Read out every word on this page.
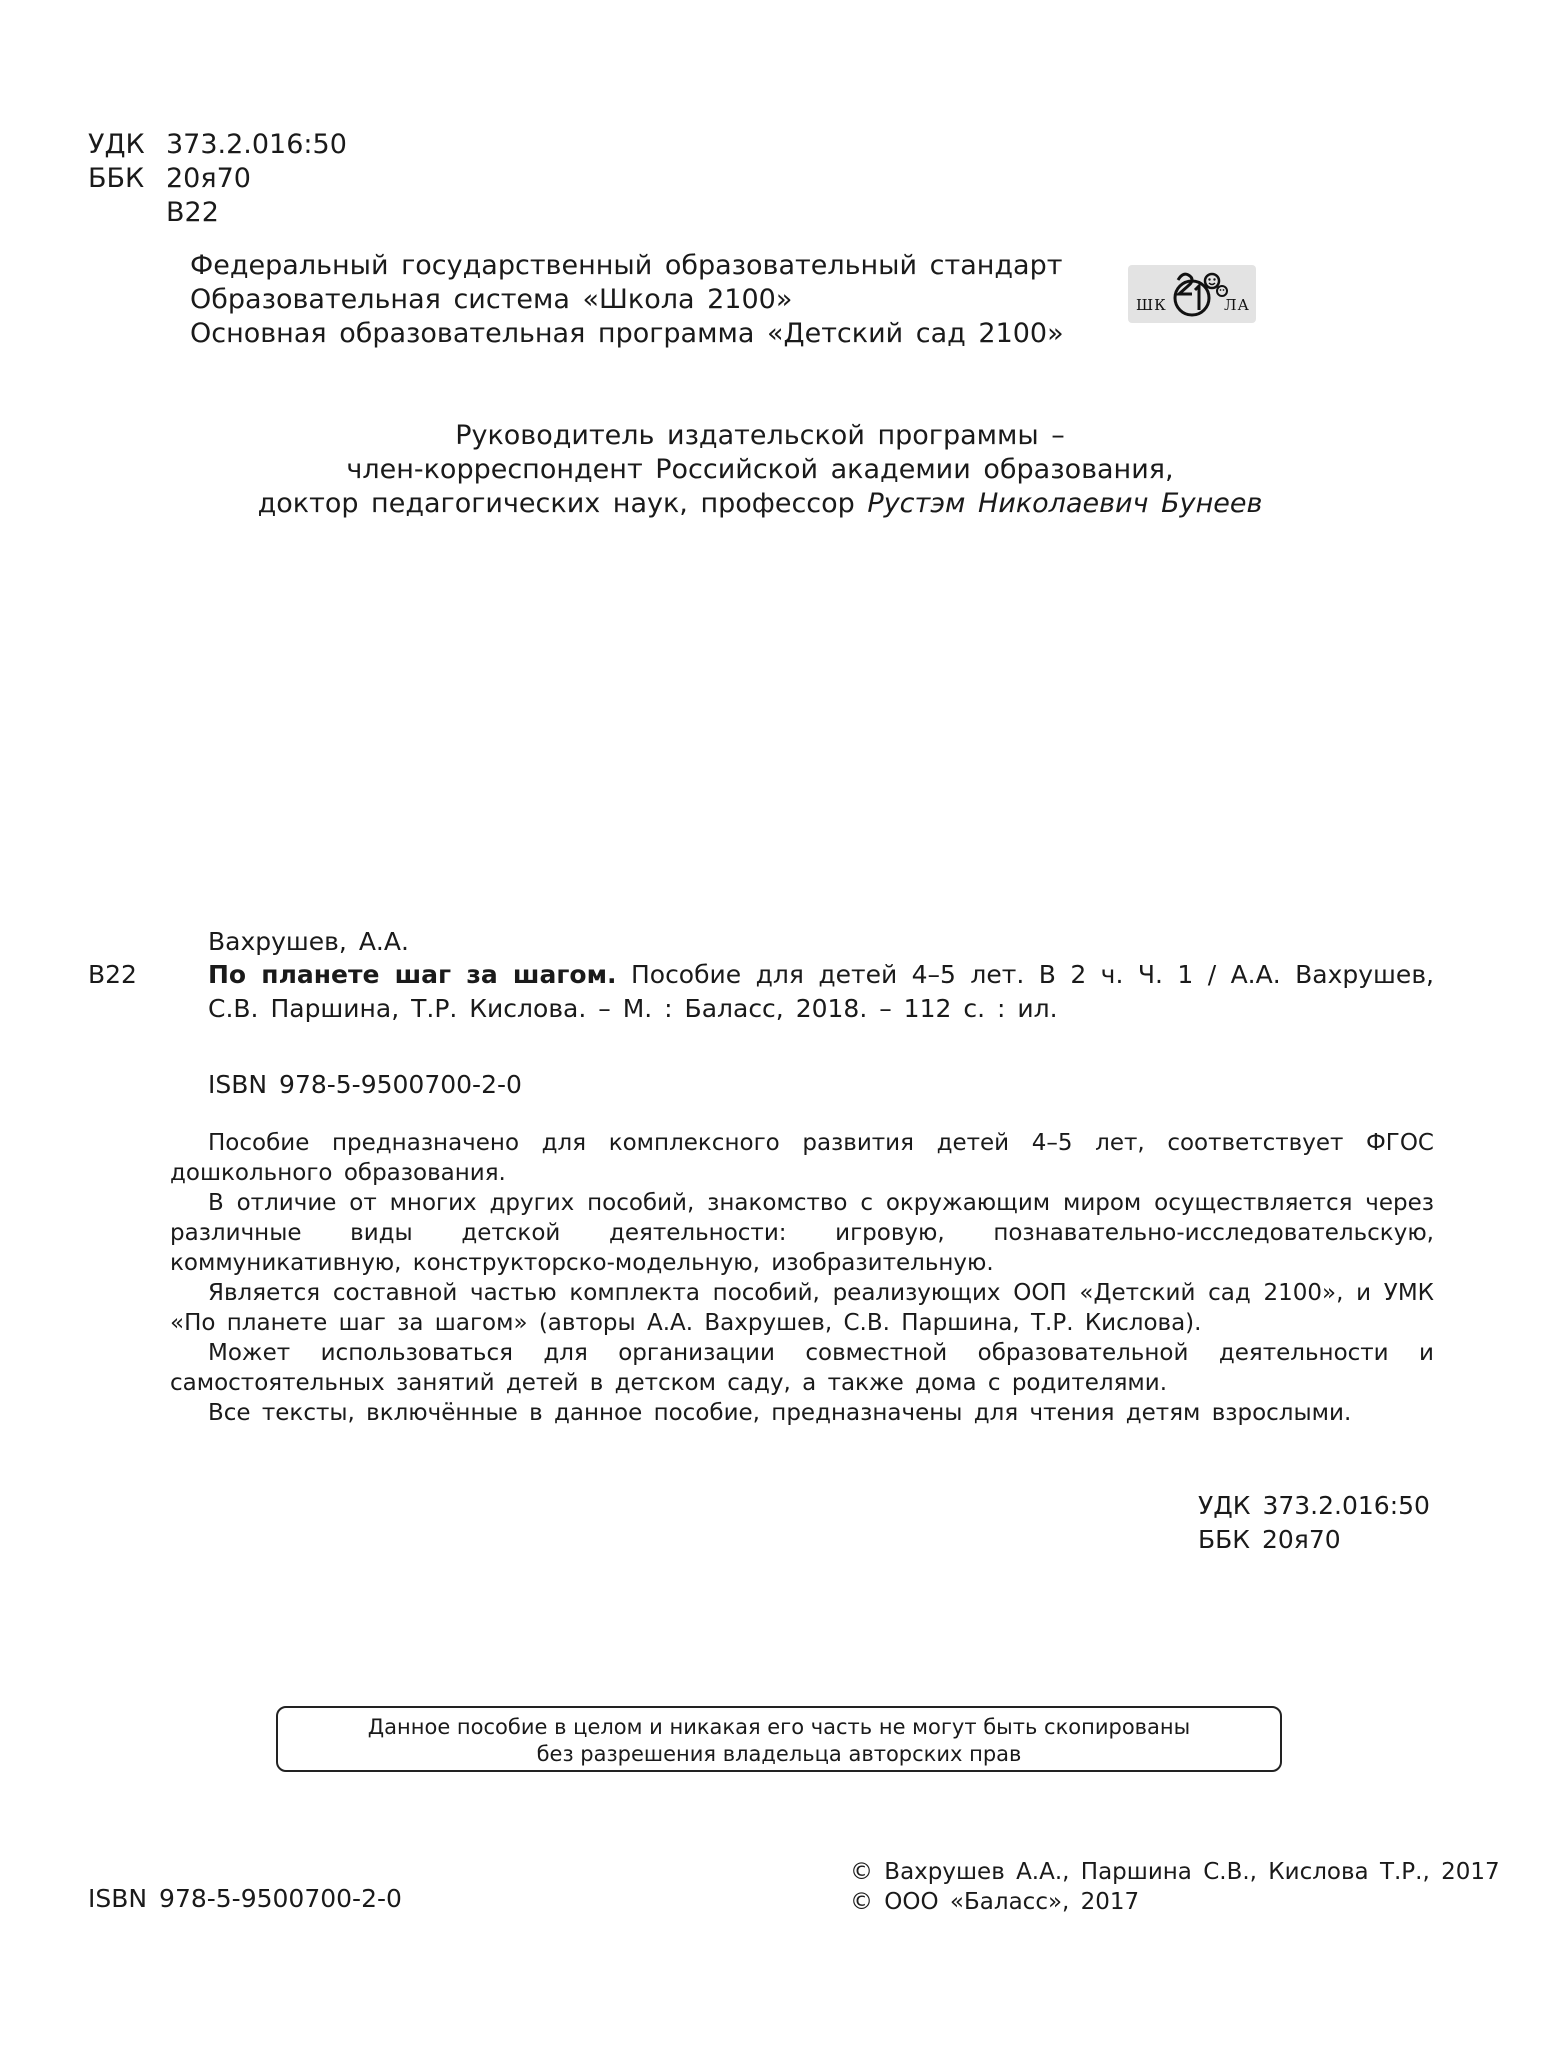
УДК 373.2.016:50
ББК 20я70
В22
Федеральный государственный образовательный стандарт
Образовательная система «Школа 2100»
Основная образовательная программа «Детский сад 2100»
ШК	ЛА
Руководитель издательской программы –
член-корреспондент Российской академии образования,
доктор педагогических наук, профессор Рустэм Николаевич Бунеев
Вахрушев, А.А.
В22	По планете шаг за шагом. Пособие для детей 4–5 лет. В 2 ч. Ч. 1 / А.А. Вахрушев, С.В. Паршина, Т.Р. Кислова. – М. : Баласс, 2018. – 112 с. : ил.
ISBN 978-5-9500700-2-0

Пособие предназначено для комплексного развития детей 4–5 лет, соответствует ФГОС дошкольного образования.

В отличие от многих других пособий, знакомство с окружающим миром осуществляется через различные виды детской деятельности: игровую, познавательно-исследовательскую, коммуникативную, конструкторско-модельную, изобразительную.

Является составной частью комплекта пособий, реализующих ООП «Детский сад 2100», и УМК «По планете шаг за шагом» (авторы А.А. Вахрушев, С.В. Паршина, Т.Р. Кислова).

Может использоваться для организации совместной образовательной деятельности и самостоятельных занятий детей в детском саду, а также дома с родителями.

Все тексты, включённые в данное пособие, предназначены для чтения детям взрослыми.

УДК 373.2.016:50
ББК 20я70
Данное пособие в целом и никакая его часть не могут быть скопированы
без разрешения владельца авторских прав
ISBN 978-5-9500700-2-0
© Вахрушев А.А., Паршина С.В., Кислова Т.Р., 2017
© ООО «Баласс», 2017
